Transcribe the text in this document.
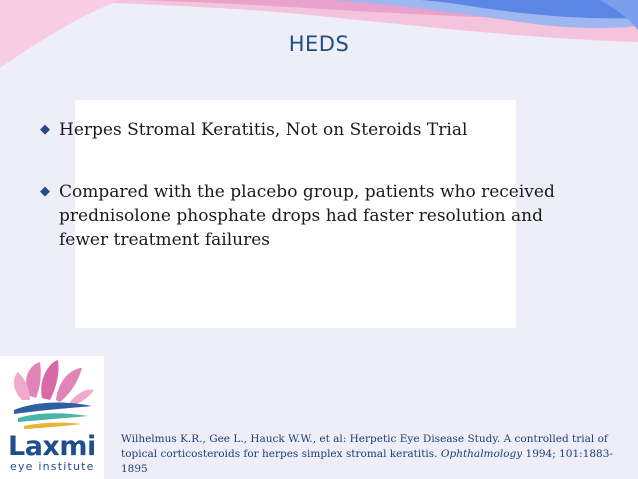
HEDS
◆ Herpes Stromal Keratitis, Not on Steroids Trial
◆ Compared with the placebo group, patients who received prednisolone phosphate drops had faster resolution and fewer treatment failures
Laxmi
eye institute
Wilhelmus K.R., Gee L., Hauck W.W., et al: Herpetic Eye Disease Study. A controlled trial of topical corticosteroids for herpes simplex stromal keratitis. Ophthalmology 1994; 101:1883-1895
